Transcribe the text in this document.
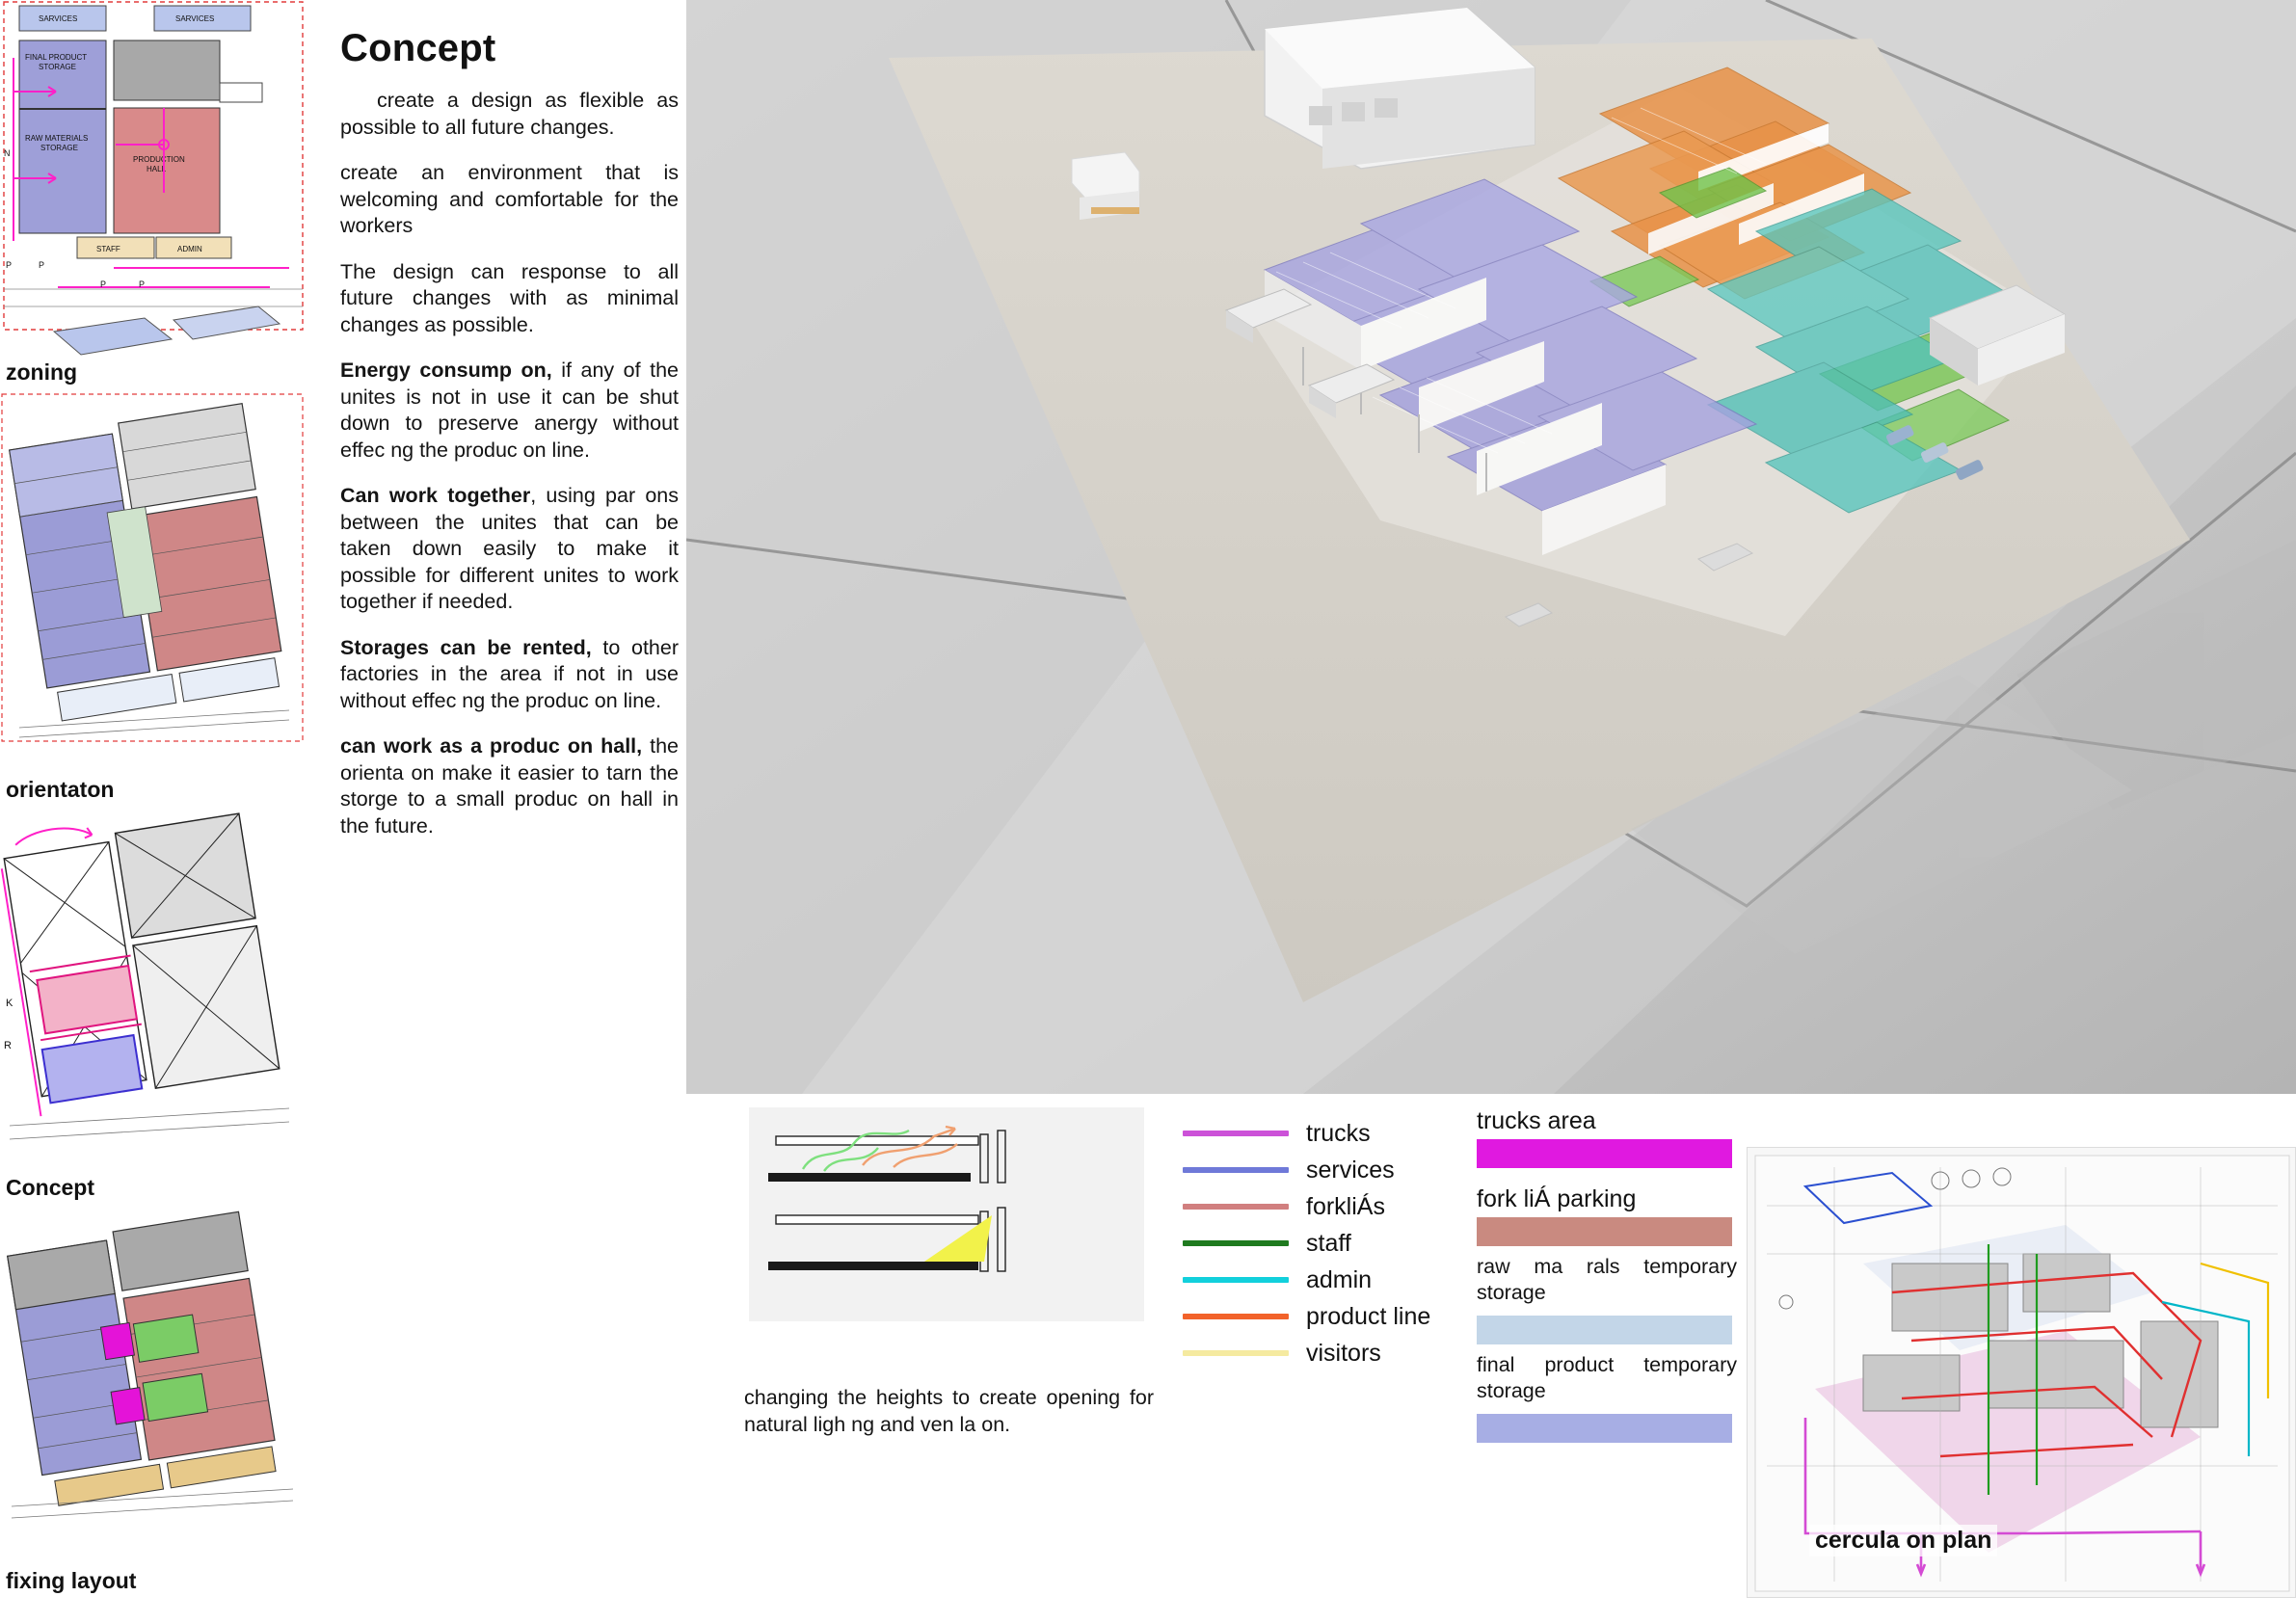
SARVICES	SARVICES
FINAL PRODUCT
STORAGE
RAW MATERIALS
STORAGE
PRODUCTION
HALL
STAFF	ADMIN
N
P	P
P	P
zoning
orientaton
K
R
Concept
fixing layout
Concept

create a design as flexible as possible to all future changes.

create an environment that is welcoming and comfortable for the workers

The design can response to all future changes with as minimal changes as possible.

Energy consump on, if any of the unites is not in use it can be shut down to preserve anergy without effec ng the produc on line.

Can work together, using par ons between the unites that can be taken down easily to make it possible for different unites to work together if needed.

Storages can be rented, to other factories in the area if not in use without effec ng the produc on line.

can work as a produc on hall, the orienta on make it easier to tarn the storge to a small produc on hall in the future.

changing the heights to create opening for natural ligh ng and ven la on.
trucks
services
forkliÁs
staff
admin
product line
visitors
trucks area
fork liÁ parking
raw ma rals temporary storage
final product temporary storage
cercula on plan
